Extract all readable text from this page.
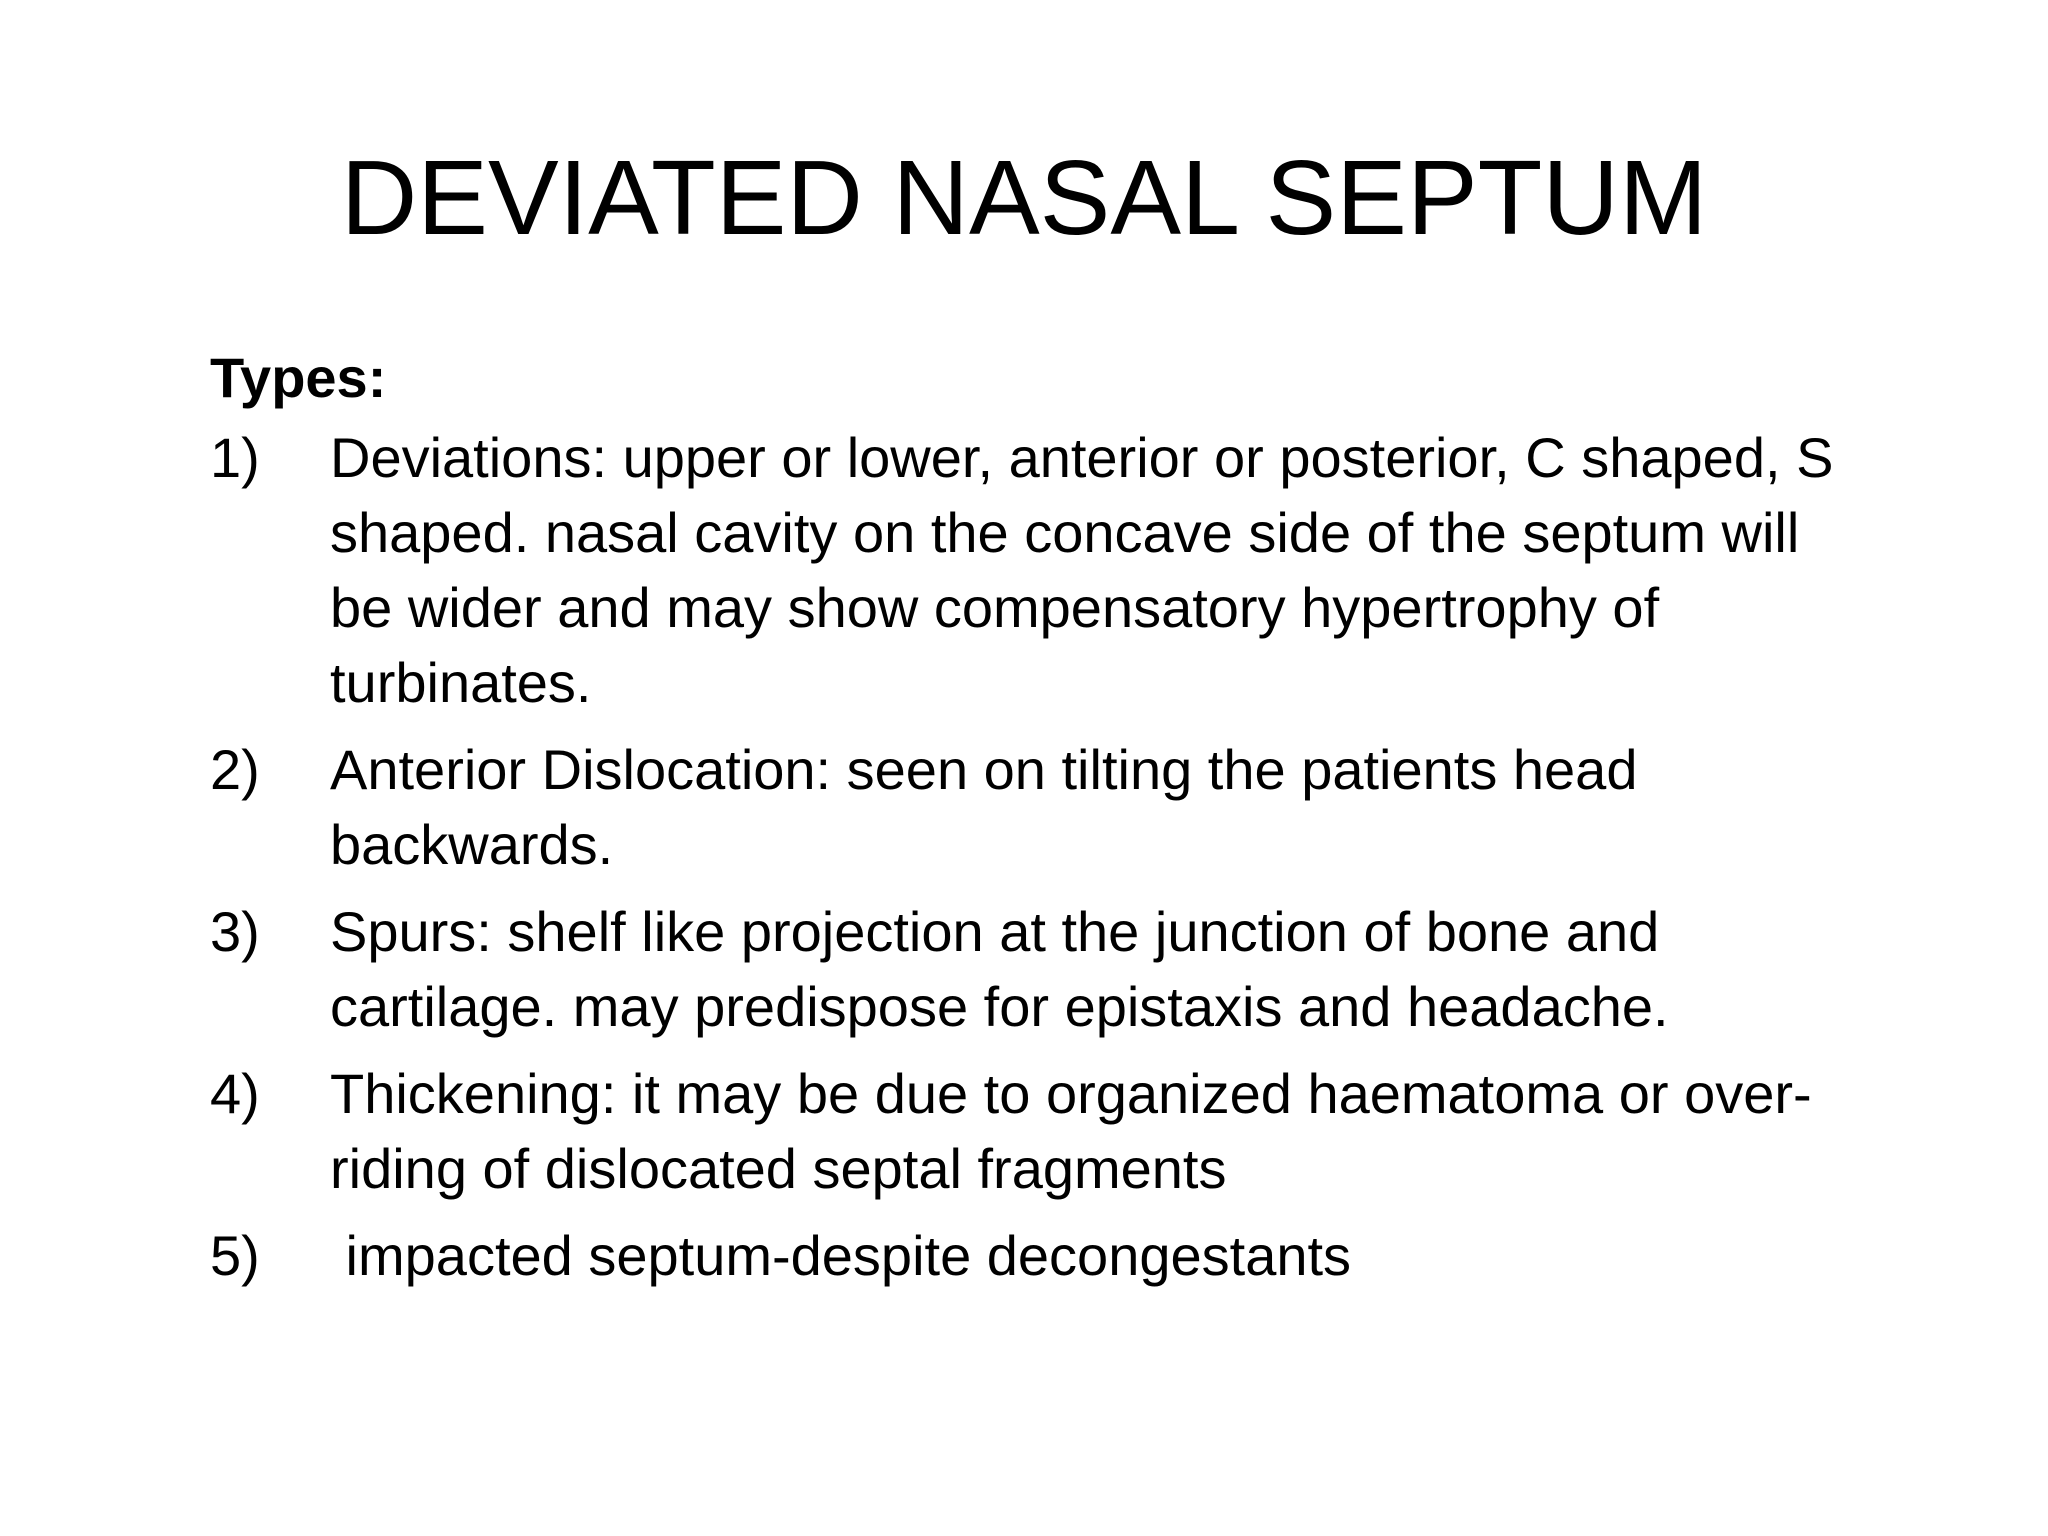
DEVIATED NASAL SEPTUM
Types:
1)	Deviations: upper or lower, anterior or posterior, C shaped, S shaped. nasal cavity on the concave side of the septum will be wider and may show compensatory hypertrophy of turbinates.
2)	Anterior Dislocation: seen on tilting the patients head backwards.
3)	Spurs: shelf like projection at the junction of bone and cartilage. may predispose for epistaxis and headache.
4)	Thickening: it may be due to organized haematoma or over-riding of dislocated septal fragments
5)	impacted septum-despite decongestants
